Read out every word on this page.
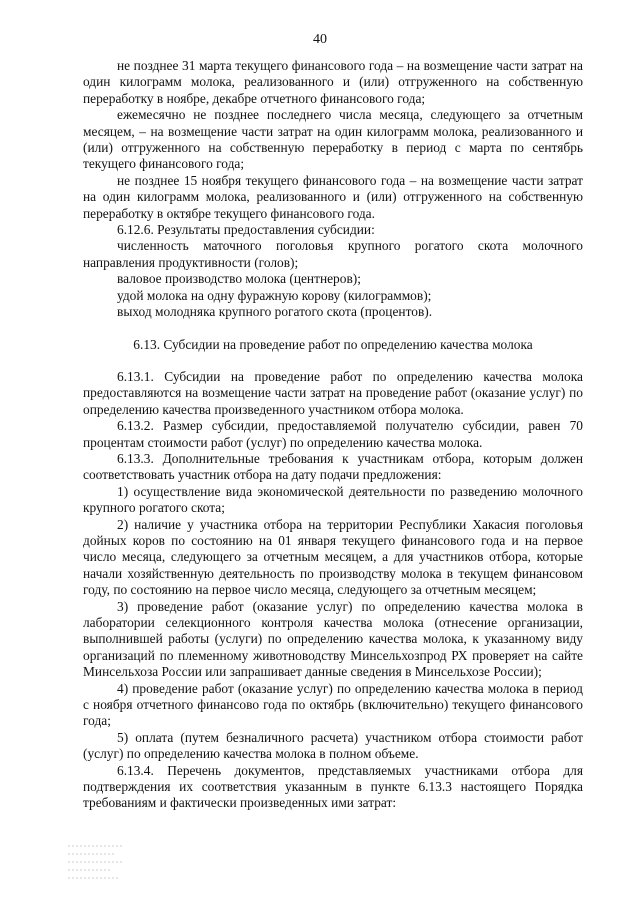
40

не позднее 31 марта текущего финансового года – на возмещение части затрат на один килограмм молока, реализованного и (или) отгруженного на собственную переработку в ноябре, декабре отчетного финансового года;

ежемесячно не позднее последнего числа месяца, следующего за отчетным месяцем, – на возмещение части затрат на один килограмм молока, реализованного и (или) отгруженного на собственную переработку в период с марта по сентябрь текущего финансового года;

не позднее 15 ноября текущего финансового года – на возмещение части затрат на один килограмм молока, реализованного и (или) отгруженного на собственную переработку в октябре текущего финансового года.

6.12.6. Результаты предоставления субсидии:

численность маточного поголовья крупного рогатого скота молочного направления продуктивности (голов);

валовое производство молока (центнеров);

удой молока на одну фуражную корову (килограммов);

выход молодняка крупного рогатого скота (процентов).

6.13. Субсидии на проведение работ по определению качества молока

6.13.1. Субсидии на проведение работ по определению качества молока предоставляются на возмещение части затрат на проведение работ (оказание услуг) по определению качества произведенного участником отбора молока.

6.13.2. Размер субсидии, предоставляемой получателю субсидии, равен 70 процентам стоимости работ (услуг) по определению качества молока.

6.13.3. Дополнительные требования к участникам отбора, которым должен соответствовать участник отбора на дату подачи предложения:

1) осуществление вида экономической деятельности по разведению молочного крупного рогатого скота;

2) наличие у участника отбора на территории Республики Хакасия поголовья дойных коров по состоянию на 01 января текущего финансового года и на первое число месяца, следующего за отчетным месяцем, а для участников отбора, которые начали хозяйственную деятельность по производству молока в текущем финансовом году, по состоянию на первое число месяца, следующего за отчетным месяцем;

3) проведение работ (оказание услуг) по определению качества молока в лаборатории селекционного контроля качества молока (отнесение организации, выполнившей работы (услуги) по определению качества молока, к указанному виду организаций по племенному животноводству Минсельхозпрод РХ проверяет на сайте Минсельхоза России или запрашивает данные сведения в Минсельхозе России);

4) проведение работ (оказание услуг) по определению качества молока в период с ноября отчетного финансово года по октябрь (включительно) текущего финансового года;

5) оплата (путем безналичного расчета) участником отбора стоимости работ (услуг) по определению качества молока в полном объеме.

6.13.4. Перечень документов, представляемых участниками отбора для подтверждения их соответствия указанным в пункте 6.13.3 настоящего Порядка требованиям и фактически произведенных ими затрат:
